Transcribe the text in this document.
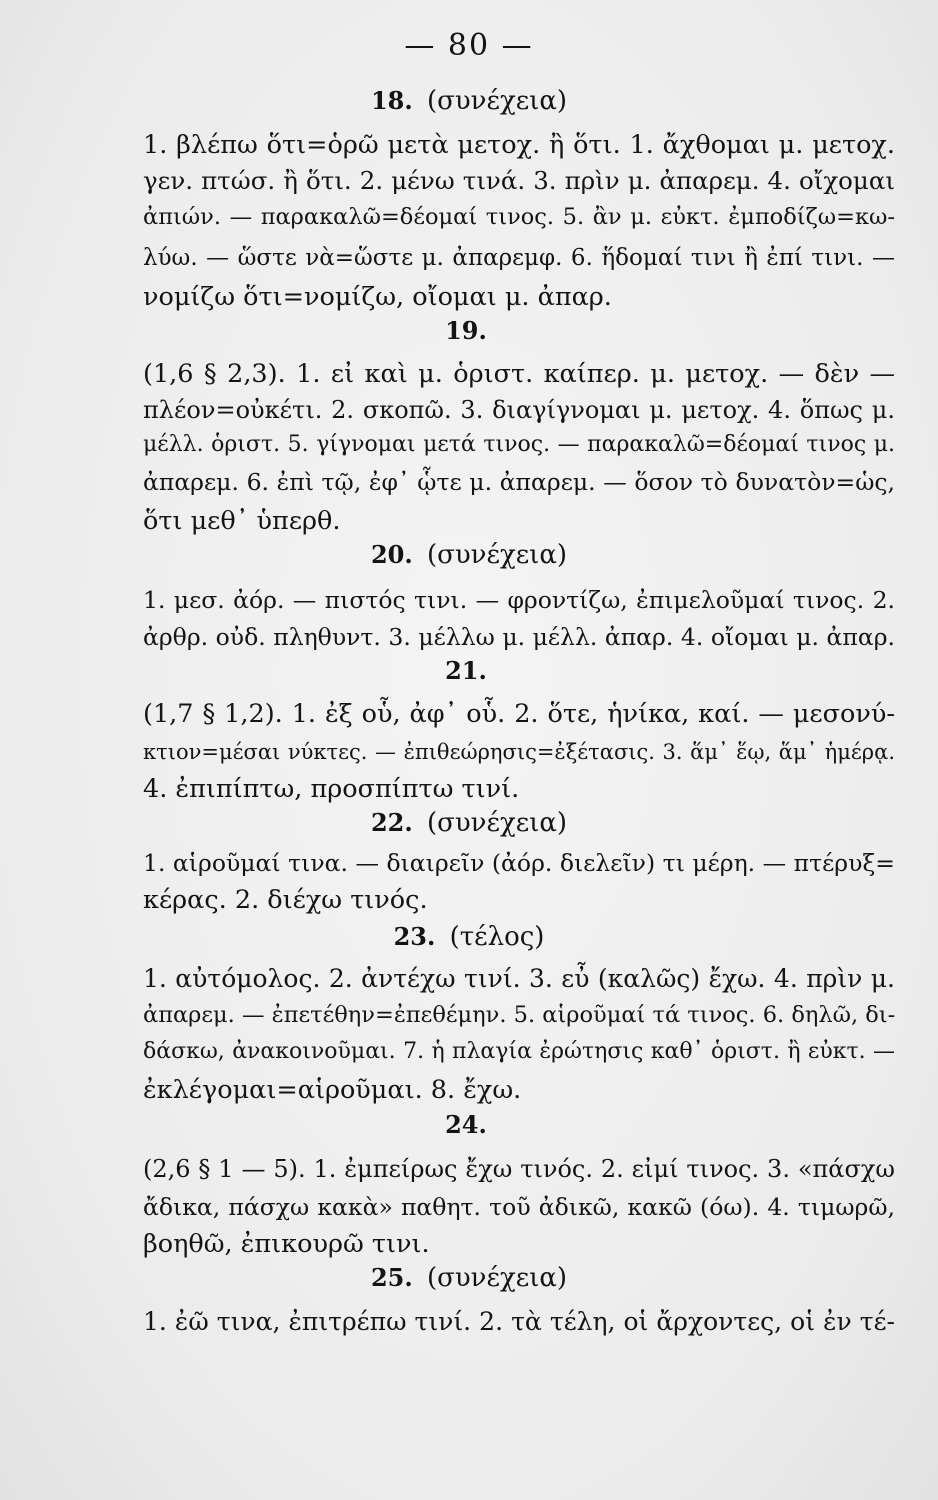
— 80 —
18. (συνέχεια)
1. βλέπω ὅτι=ὁρῶ μετὰ μετοχ. ἢ ὅτι. 1. ἄχθομαι μ. μετοχ.
γεν. πτώσ. ἢ ὅτι. 2. μένω τινά. 3. πρὶν μ. ἀπαρεμ. 4. οἴχομαι
ἀπιών. — παρακαλῶ=δέομαί τινος. 5. ἂν μ. εὐκτ. ἐμποδίζω=κω-
λύω. — ὥστε νὰ=ὥστε μ. ἀπαρεμφ. 6. ἥδομαί τινι ἢ ἐπί τινι. —
νομίζω ὅτι=νομίζω, οἴομαι μ. ἀπαρ.
19.
(1,6 § 2,3). 1. εἰ καὶ μ. ὁριστ. καίπερ. μ. μετοχ. — δὲν —
πλέον=οὐκέτι. 2. σκοπῶ. 3. διαγίγνομαι μ. μετοχ. 4. ὅπως μ.
μέλλ. ὁριστ. 5. γίγνομαι μετά τινος. — παρακαλῶ=δέομαί τινος μ.
ἀπαρεμ. 6. ἐπὶ τῷ, ἐφ᾽ ᾧτε μ. ἀπαρεμ. — ὅσον τὸ δυνατὸν=ὡς,
ὅτι μεθ᾽ ὑπερθ.
20. (συνέχεια)
1. μεσ. ἀόρ. — πιστός τινι. — φροντίζω, ἐπιμελοῦμαί τινος. 2.
ἀρθρ. οὐδ. πληθυντ. 3. μέλλω μ. μέλλ. ἀπαρ. 4. οἴομαι μ. ἀπαρ.
21.
(1,7 § 1,2). 1. ἐξ οὗ, ἀφ᾽ οὗ. 2. ὅτε, ἡνίκα, καί. — μεσονύ-
κτιον=μέσαι νύκτες. — ἐπιθεώρησις=ἐξέτασις. 3. ἅμ᾽ ἕῳ, ἅμ᾽ ἡμέρᾳ.
4. ἐπιπίπτω, προσπίπτω τινί.
22. (συνέχεια)
1. αἱροῦμαί τινα. — διαιρεῖν (ἀόρ. διελεῖν) τι μέρη. — πτέρυξ=
κέρας. 2. διέχω τινός.
23. (τέλος)
1. αὐτόμολος. 2. ἀντέχω τινί. 3. εὖ (καλῶς) ἔχω. 4. πρὶν μ.
ἀπαρεμ. — ἐπετέθην=ἐπεθέμην. 5. αἱροῦμαί τά τινος. 6. δηλῶ, δι-
δάσκω, ἀνακοινοῦμαι. 7. ἡ πλαγία ἐρώτησις καθ᾽ ὁριστ. ἢ εὐκτ. —
ἐκλέγομαι=αἱροῦμαι. 8. ἔχω.
24.
(2,6 § 1 — 5). 1. ἐμπείρως ἔχω τινός. 2. εἰμί τινος. 3. «πάσχω
ἄδικα, πάσχω κακὰ» παθητ. τοῦ ἀδικῶ, κακῶ (όω). 4. τιμωρῶ,
βοηθῶ, ἐπικουρῶ τινι.
25. (συνέχεια)
1. ἐῶ τινα, ἐπιτρέπω τινί. 2. τὰ τέλη, οἱ ἄρχοντες, οἱ ἐν τέ-
